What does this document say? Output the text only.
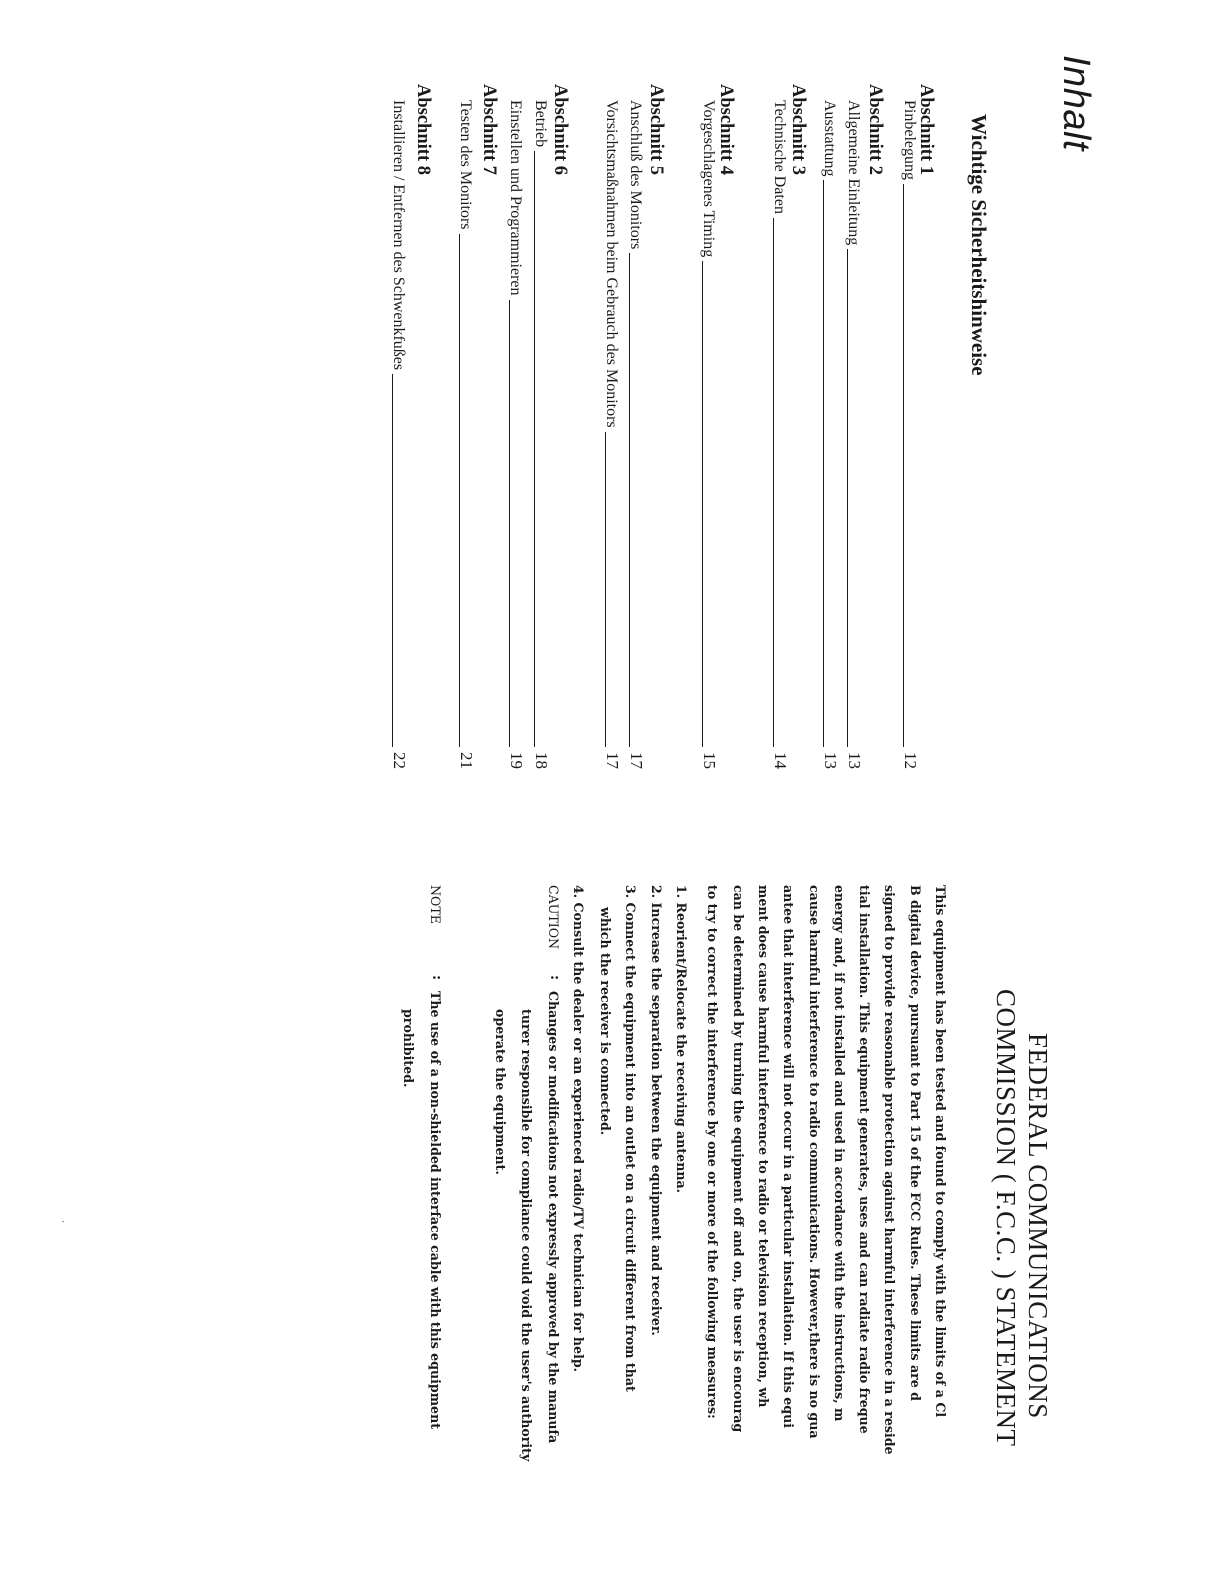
Inhalt
Wichtige Sicherheitshinweise
Abschnitt 1
Pinbelegung
12
Abschnitt 2
Allgemeine Einleitung
13
Ausstattung
13
Abschnitt 3
Technische Daten
14
Abschnitt 4
Vorgeschlagenes Timing
15
Abschnitt 5
Anschluß des Monitors
17
Vorsichtsmaßnahmen beim Gebrauch des Monitors
17
Abschnitt 6
Betrieb
18
Einstellen und Programmieren
19
Abschnitt 7
Testen des Monitors
21
Abschnitt 8
Installieren / Entfernen des Schwenkfußes
22
FEDERAL COMMUNICATIONS
COMMISSION ( F.C.C. ) STATEMENT
This equipment has been tested and found to comply with the limits of a Cl
B digital device, pursuant to Part 15 of the FCC Rules. These limits are d
signed to provide reasonable protection against harmful interference in a reside
tial installation. This equipment generates, uses and can radiate radio freque
energy and, if not installed and used in accordance with the instructions, m
cause harmful interference to radio communications. However,there is no gua
antee that interference will not occur in a particular installation. If this equi
ment does cause harmful interference to radio or television reception, wh
can be determined by turning the equipment off and on, the user is encourag
to try to correct the interference by one or more of the following measures:
1. Reorient/Relocate the receiving antenna.
2. Increase the separation between the equipment and receiver.
3. Connect the equipment into an outlet on a circuit different from that
which the receiver is connected.
4. Consult the dealer or an experienced radio/TV technician for help.
CAUTION
:
Changes or modifications not expressly approved by the manufa
turer responsible for compliance could void the user's authority
operate the equipment.
NOTE
:
The use of a non-shielded interface cable with this equipment
prohibited.
